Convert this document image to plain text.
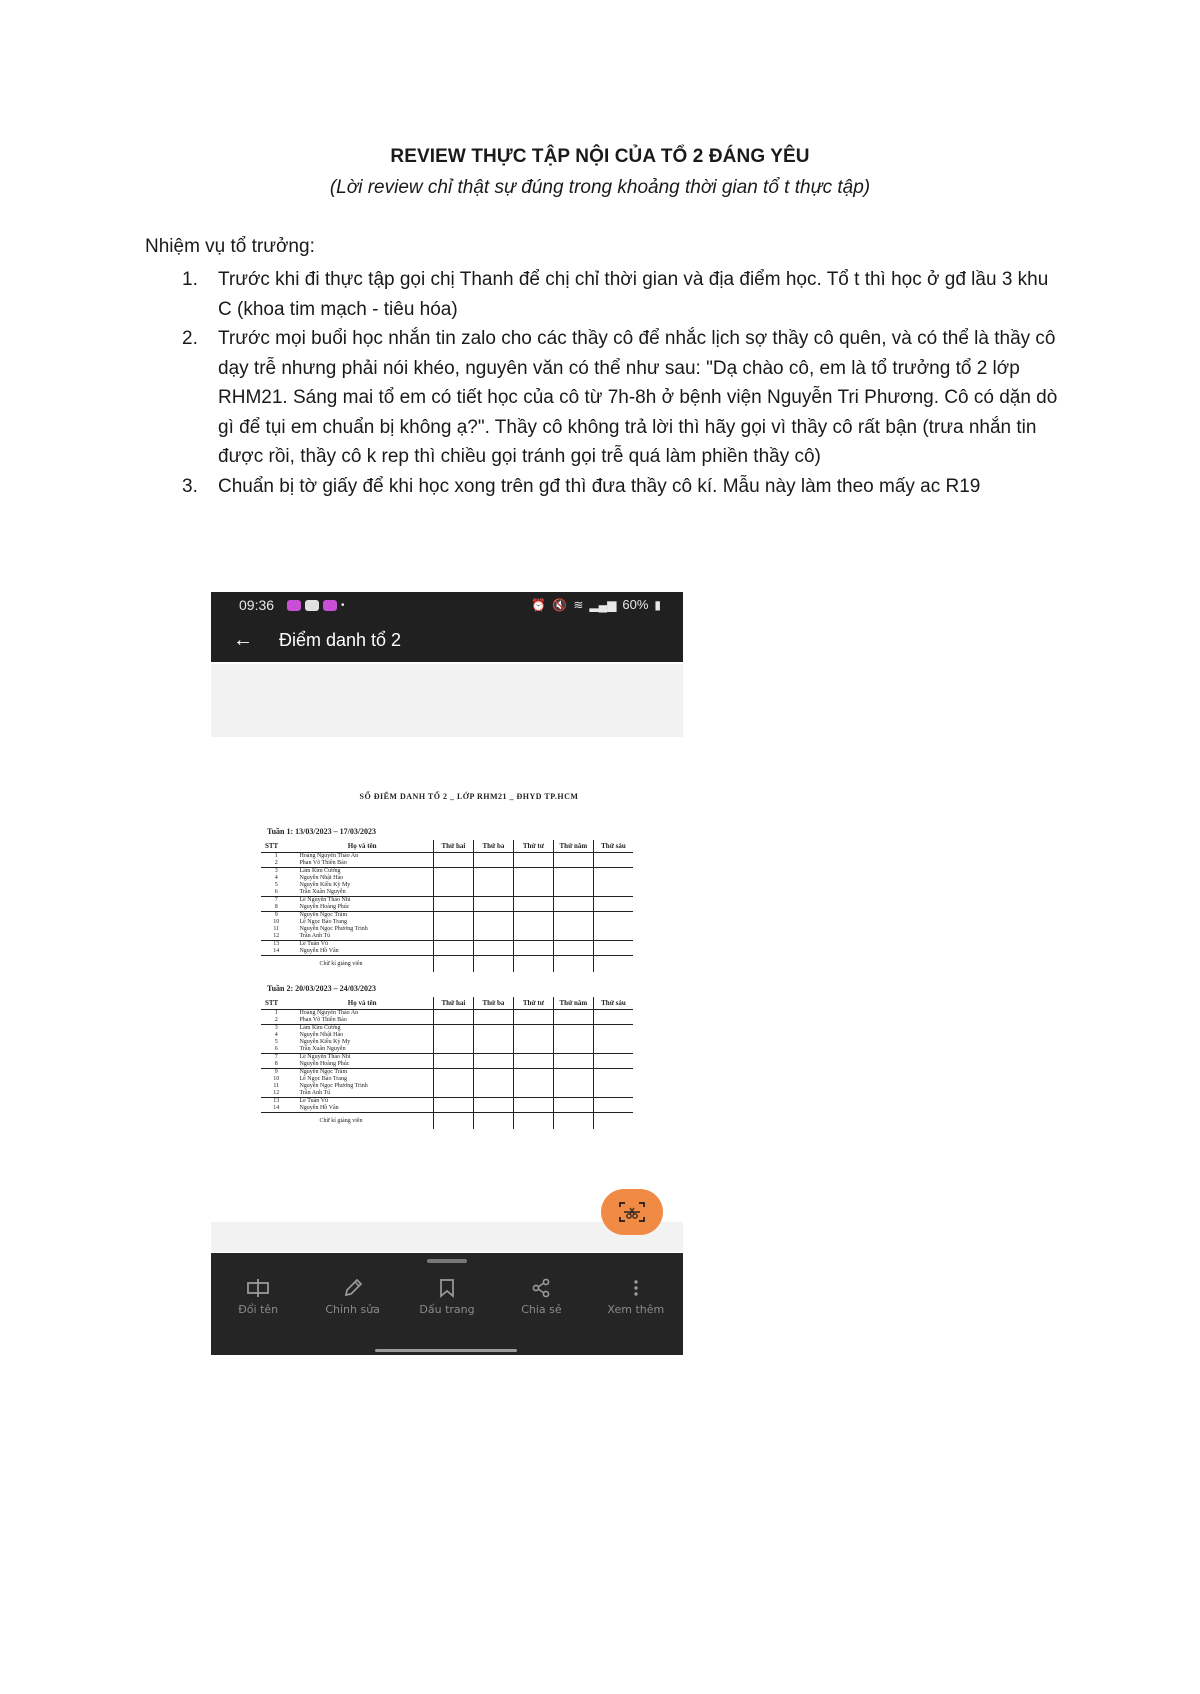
REVIEW THỰC TẬP NỘI CỦA TỔ 2 ĐÁNG YÊU
(Lời review chỉ thật sự đúng trong khoảng thời gian tổ t thực tập)
Nhiệm vụ tổ trưởng:
1.	Trước khi đi thực tập gọi chị Thanh để chị chỉ thời gian và địa điểm học. Tổ t thì học ở gđ lầu 3 khu C (khoa tim mạch - tiêu hóa)
2.	Trước mọi buổi học nhắn tin zalo cho các thầy cô để nhắc lịch sợ thầy cô quên, và có thể là thầy cô dạy trễ nhưng phải nói khéo, nguyên văn có thể như sau: "Dạ chào cô, em là tổ trưởng tổ 2 lớp RHM21. Sáng mai tổ em có tiết học của cô từ 7h-8h ở bệnh viện Nguyễn Tri Phương. Cô có dặn dò gì để tụi em chuẩn bị không ạ?". Thầy cô không trả lời thì hãy gọi vì thầy cô rất bận (trưa nhắn tin được rồi, thầy cô k rep thì chiều gọi tránh gọi trễ quá làm phiền thầy cô)
3.	Chuẩn bị tờ giấy để khi học xong trên gđ thì đưa thầy cô kí. Mẫu này làm theo mấy ac R19
09:36	•	⏰ 🔇 ≋ ▂▄▆ 60% ▮
← Điểm danh tổ 2
SỔ ĐIỂM DANH TỔ 2 _ LỚP RHM21 _ ĐHYD TP.HCM
Tuần 1: 13/03/2023 – 17/03/2023
STT	Họ và tên	Thứ hai	Thứ ba	Thứ tư	Thứ năm	Thứ sáu
1	Hoàng Nguyễn Thảo An					
2	Phan Võ Thiên Bảo					
3	Lâm Kim Cương					
4	Nguyễn Nhật Hảo					
5	Nguyễn Kiều Kỳ My					
6	Trần Xuân Nguyễn					
7	Lê Nguyễn Thảo Nhi					
8	Nguyễn Hoàng Phúc					
9	Nguyễn Ngọc Trâm					
10	Lê Ngọc Bảo Trang					
11	Nguyễn Ngọc Phương Trinh					
12	Trần Anh Tú					
13	Lê Tuấn Vũ					
14	Nguyễn Hồ Vân					
	Chữ kí giảng viên					
Tuần 2: 20/03/2023 – 24/03/2023
STT	Họ và tên	Thứ hai	Thứ ba	Thứ tư	Thứ năm	Thứ sáu
1	Hoàng Nguyễn Thảo An					
2	Phan Võ Thiên Bảo					
3	Lâm Kim Cương					
4	Nguyễn Nhật Hảo					
5	Nguyễn Kiều Kỳ My					
6	Trần Xuân Nguyễn					
7	Lê Nguyễn Thảo Nhi					
8	Nguyễn Hoàng Phúc					
9	Nguyễn Ngọc Trâm					
10	Lê Ngọc Bảo Trang					
11	Nguyễn Ngọc Phương Trinh					
12	Trần Anh Tú					
13	Lê Tuấn Vũ					
14	Nguyễn Hồ Vân					
	Chữ kí giảng viên					
Đổi tên	Chỉnh sửa	Dấu trang	Chia sẻ	Xem thêm
